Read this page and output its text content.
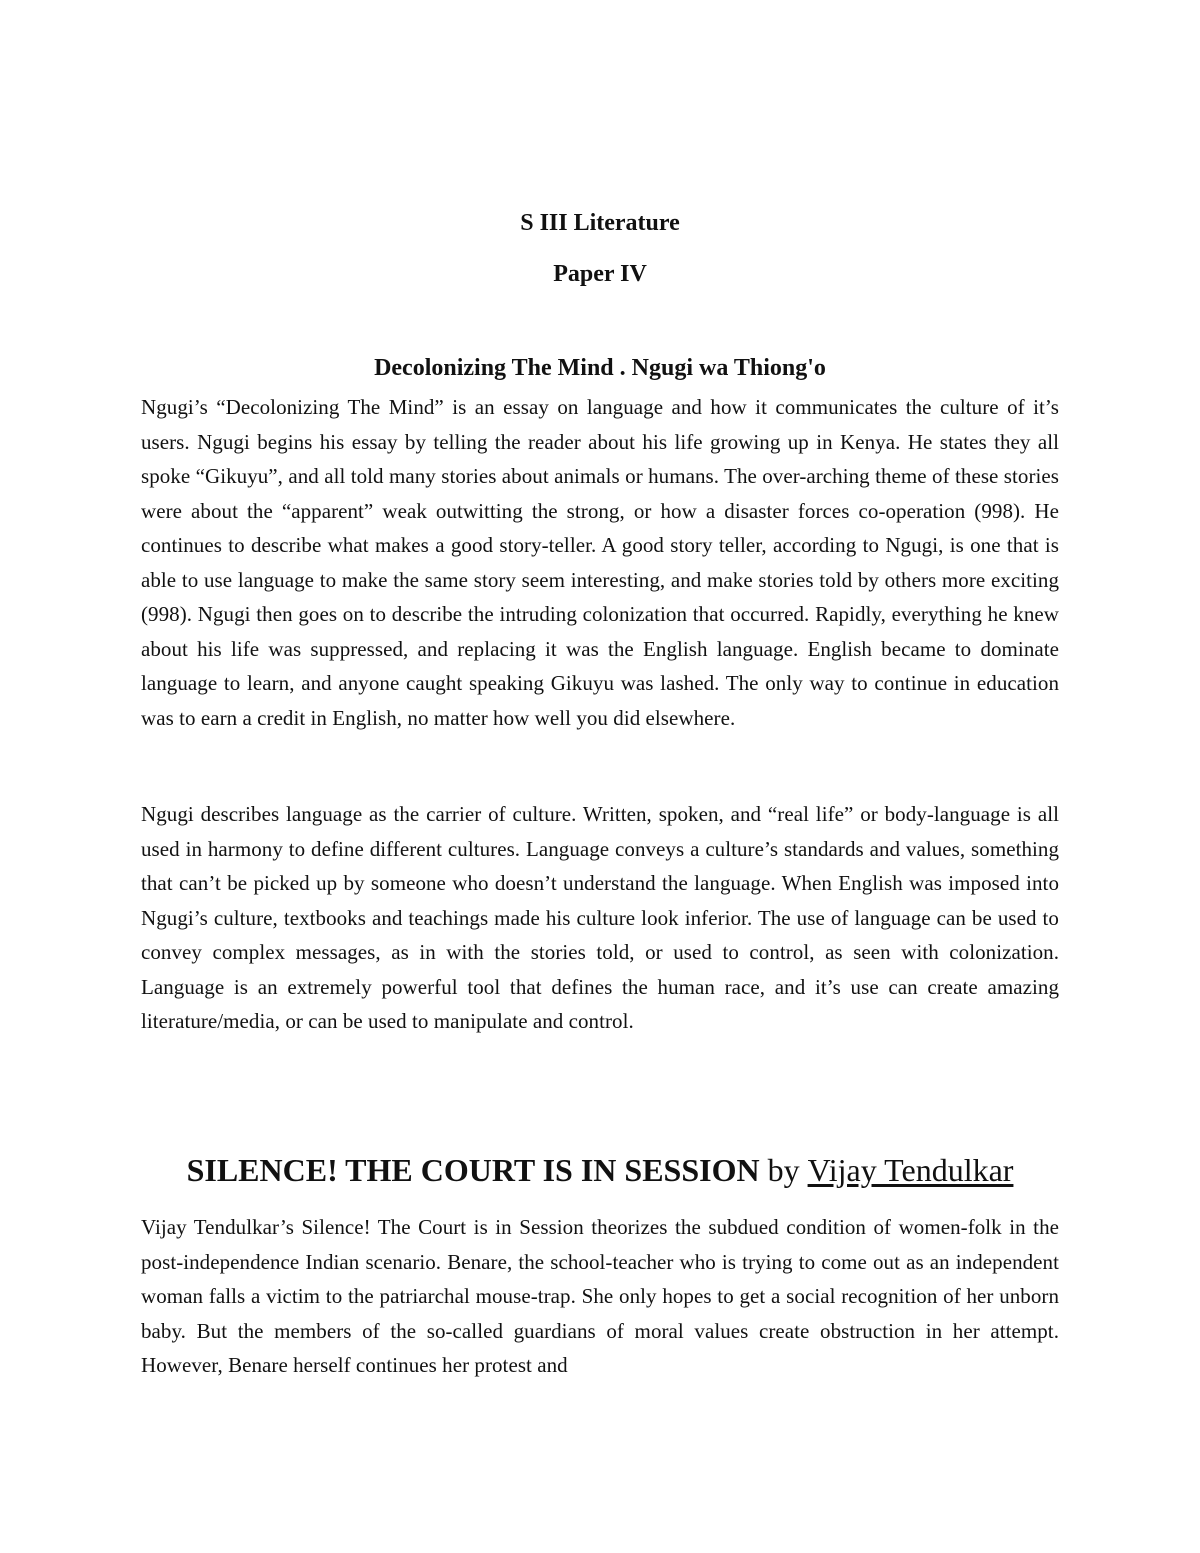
S III Literature
Paper IV
Decolonizing The Mind . Ngugi wa Thiong'o

Ngugi’s “Decolonizing The Mind” is an essay on language and how it communicates the culture of it’s users. Ngugi begins his essay by telling the reader about his life growing up in Kenya. He states they all spoke “Gikuyu”, and all told many stories about animals or humans. The over-arching theme of these stories were about the “apparent” weak outwitting the strong, or how a disaster forces co-operation (998). He continues to describe what makes a good story-teller. A good story teller, according to Ngugi, is one that is able to use language to make the same story seem interesting, and make stories told by others more exciting (998). Ngugi then goes on to describe the intruding colonization that occurred. Rapidly, everything he knew about his life was suppressed, and replacing it was the English language. English became to dominate language to learn, and anyone caught speaking Gikuyu was lashed. The only way to continue in education was to earn a credit in English, no matter how well you did elsewhere.

Ngugi describes language as the carrier of culture. Written, spoken, and “real life” or body-language is all used in harmony to define different cultures. Language conveys a culture’s standards and values, something that can’t be picked up by someone who doesn’t understand the language. When English was imposed into Ngugi’s culture, textbooks and teachings made his culture look inferior. The use of language can be used to convey complex messages, as in with the stories told, or used to control, as seen with colonization. Language is an extremely powerful tool that defines the human race, and it’s use can create amazing literature/media, or can be used to manipulate and control.

SILENCE! THE COURT IS IN SESSION by Vijay Tendulkar

Vijay Tendulkar’s Silence! The Court is in Session theorizes the subdued condition of women-folk in the post-independence Indian scenario. Benare, the school-teacher who is trying to come out as an independent woman falls a victim to the patriarchal mouse-trap. She only hopes to get a social recognition of her unborn baby. But the members of the so-called guardians of moral values create obstruction in her attempt. However, Benare herself continues her protest and
